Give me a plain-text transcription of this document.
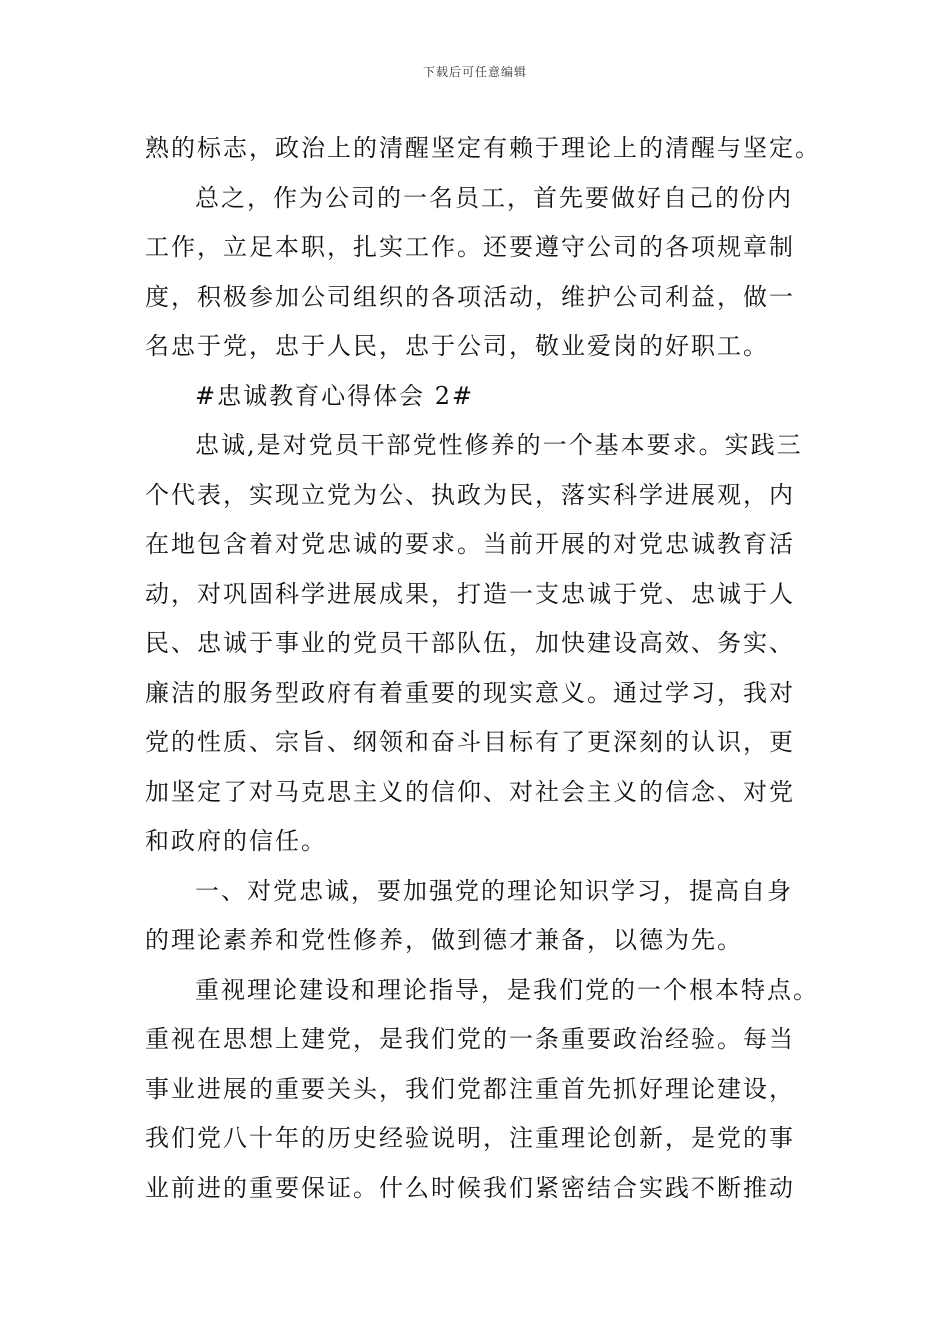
下载后可任意编辑
熟的标志，政治上的清醒坚定有赖于理论上的清醒与坚定。
总之，作为公司的一名员工，首先要做好自己的份内
工作，立足本职，扎实工作。还要遵守公司的各项规章制
度，积极参加公司组织的各项活动，维护公司利益，做一
名忠于党，忠于人民，忠于公司，敬业爱岗的好职工。
#忠诚教育心得体会 2#
忠诚,是对党员干部党性修养的一个基本要求。实践三
个代表，实现立党为公、执政为民，落实科学进展观，内
在地包含着对党忠诚的要求。当前开展的对党忠诚教育活
动，对巩固科学进展成果，打造一支忠诚于党、忠诚于人
民、忠诚于事业的党员干部队伍，加快建设高效、务实、
廉洁的服务型政府有着重要的现实意义。通过学习，我对
党的性质、宗旨、纲领和奋斗目标有了更深刻的认识，更
加坚定了对马克思主义的信仰、对社会主义的信念、对党
和政府的信任。
一、对党忠诚，要加强党的理论知识学习，提高自身
的理论素养和党性修养，做到德才兼备，以德为先。
重视理论建设和理论指导，是我们党的一个根本特点。
重视在思想上建党，是我们党的一条重要政治经验。每当
事业进展的重要关头，我们党都注重首先抓好理论建设，
我们党八十年的历史经验说明，注重理论创新，是党的事
业前进的重要保证。什么时候我们紧密结合实践不断推动
